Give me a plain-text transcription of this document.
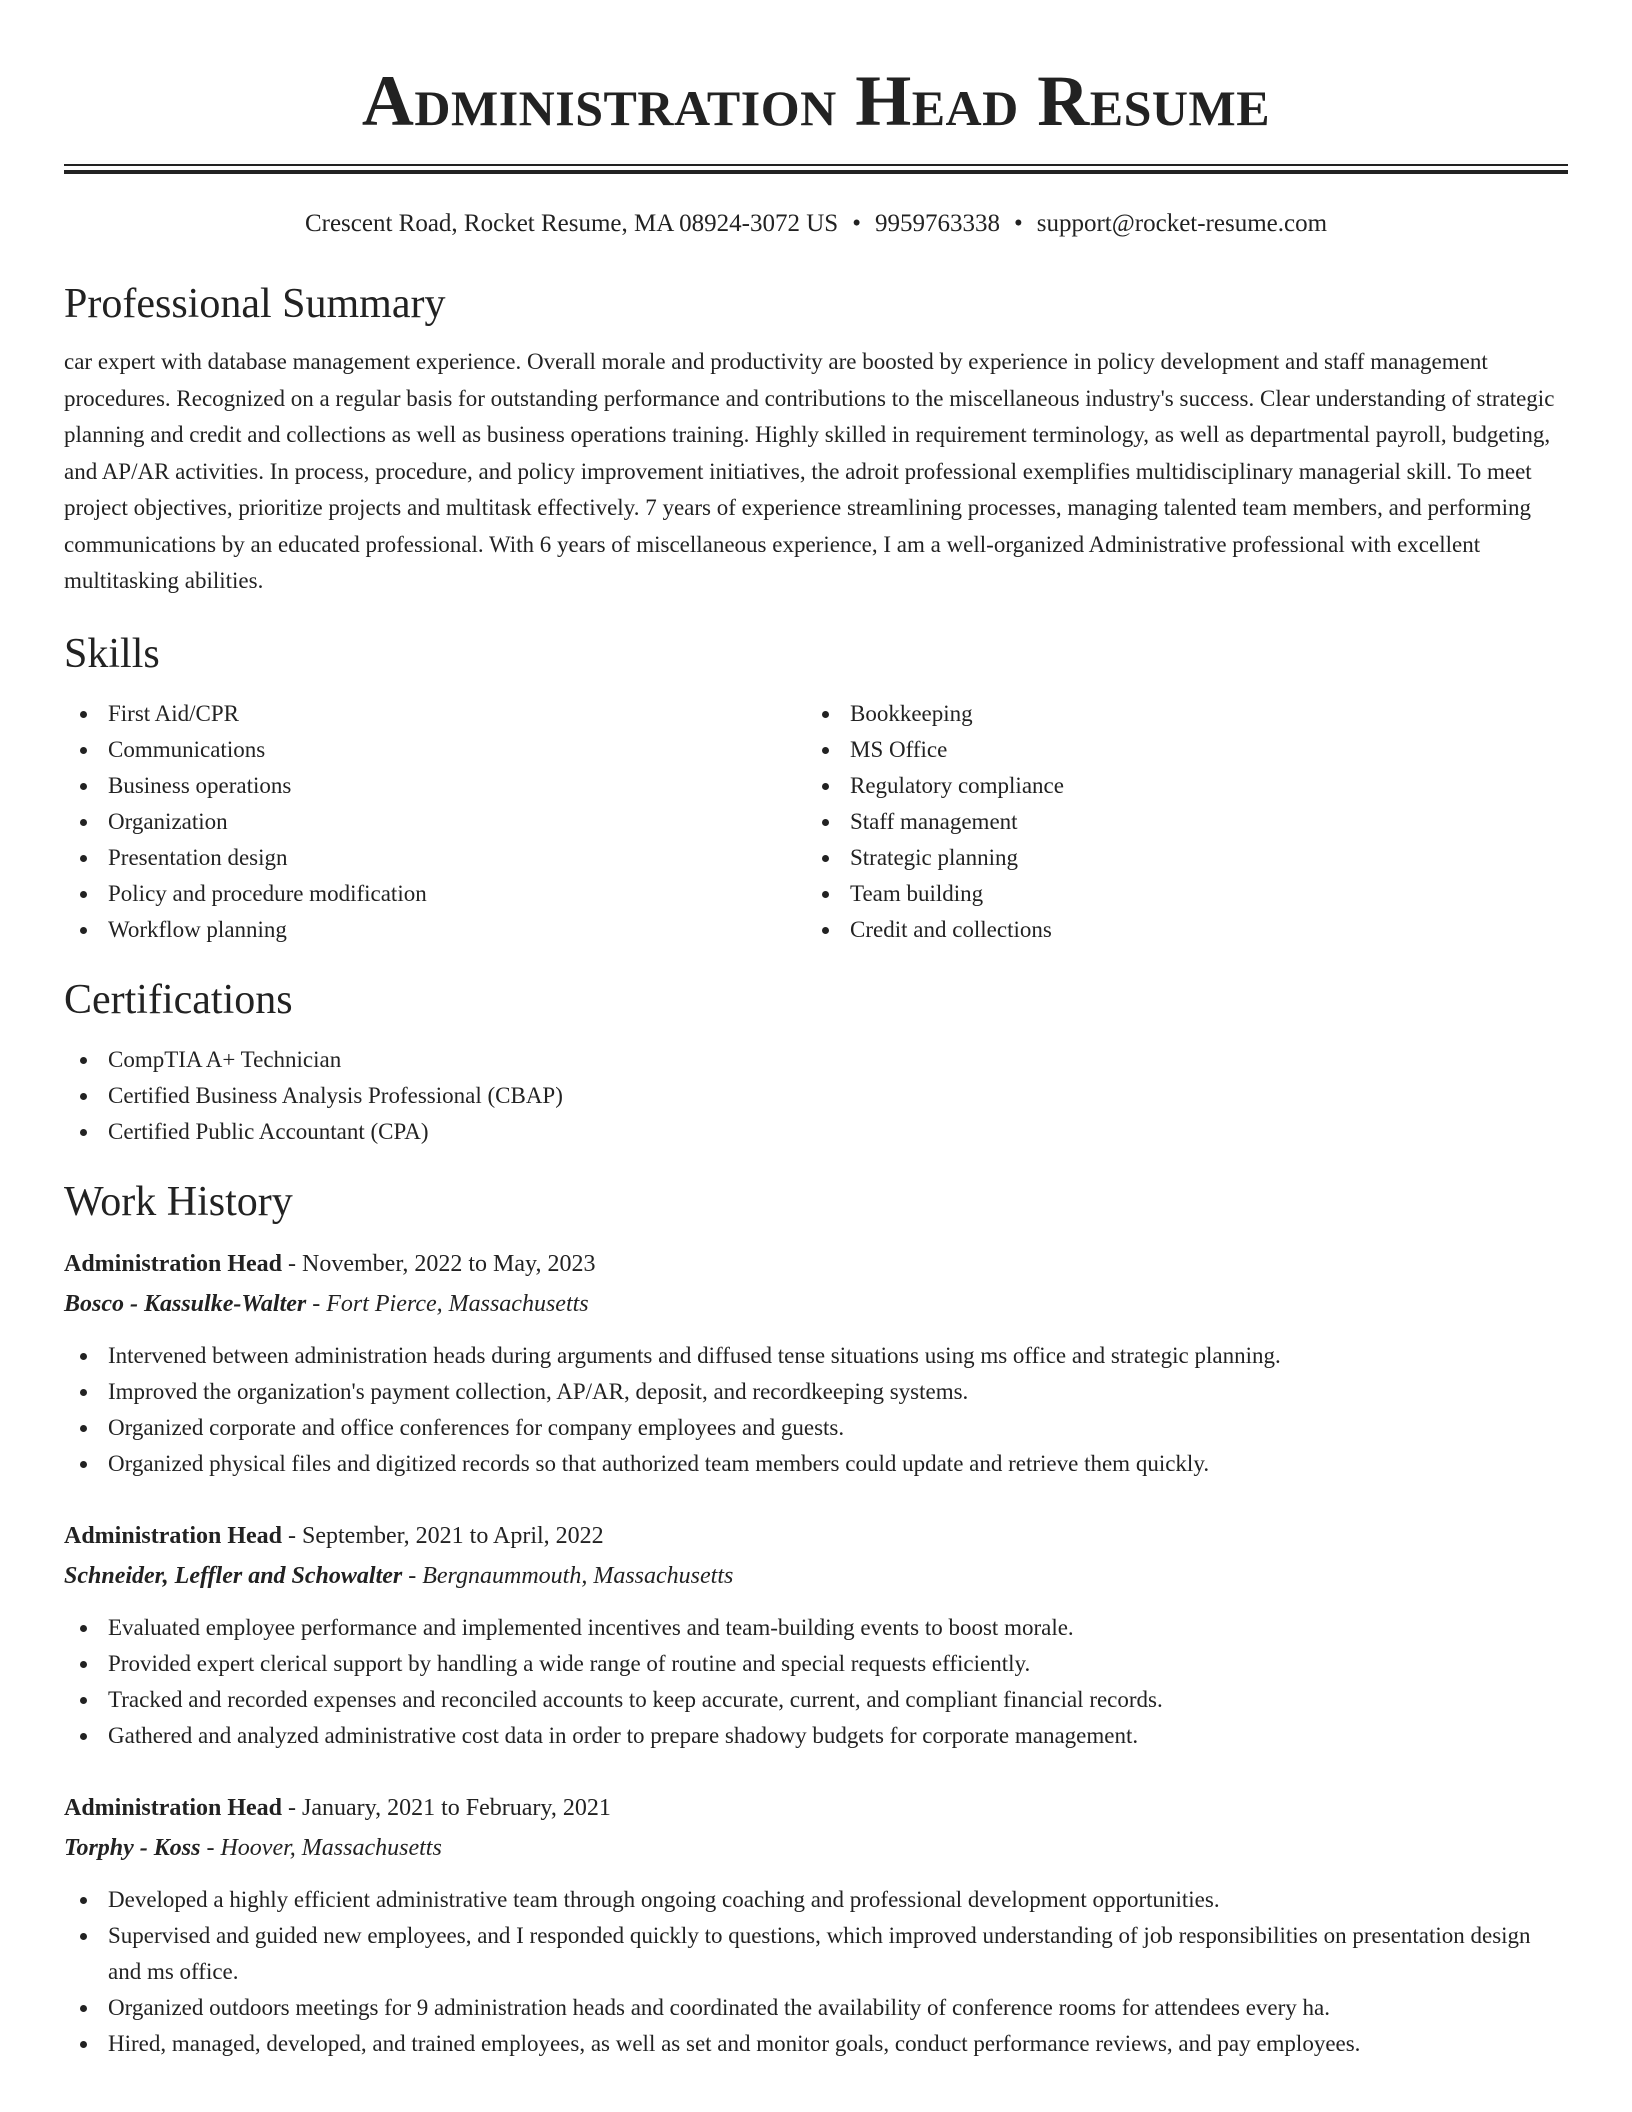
Administration Head Resume
Crescent Road, Rocket Resume, MA 08924-3072 US • 9959763338 • support@rocket-resume.com
Professional Summary

car expert with database management experience. Overall morale and productivity are boosted by experience in policy development and staff management procedures. Recognized on a regular basis for outstanding performance and contributions to the miscellaneous industry's success. Clear understanding of strategic planning and credit and collections as well as business operations training. Highly skilled in requirement terminology, as well as departmental payroll, budgeting, and AP/AR activities. In process, procedure, and policy improvement initiatives, the adroit professional exemplifies multidisciplinary managerial skill. To meet project objectives, prioritize projects and multitask effectively. 7 years of experience streamlining processes, managing talented team members, and performing communications by an educated professional. With 6 years of miscellaneous experience, I am a well-organized Administrative professional with excellent multitasking abilities.

Skills
First Aid/CPR
Communications
Business operations
Organization
Presentation design
Policy and procedure modification
Workflow planning
Bookkeeping
MS Office
Regulatory compliance
Staff management
Strategic planning
Team building
Credit and collections
Certifications
CompTIA A+ Technician
Certified Business Analysis Professional (CBAP)
Certified Public Accountant (CPA)
Work History
Administration Head - November, 2022 to May, 2023
Bosco - Kassulke-Walter - Fort Pierce, Massachusetts
Intervened between administration heads during arguments and diffused tense situations using ms office and strategic planning.
Improved the organization's payment collection, AP/AR, deposit, and recordkeeping systems.
Organized corporate and office conferences for company employees and guests.
Organized physical files and digitized records so that authorized team members could update and retrieve them quickly.
Administration Head - September, 2021 to April, 2022
Schneider, Leffler and Schowalter - Bergnaummouth, Massachusetts
Evaluated employee performance and implemented incentives and team-building events to boost morale.
Provided expert clerical support by handling a wide range of routine and special requests efficiently.
Tracked and recorded expenses and reconciled accounts to keep accurate, current, and compliant financial records.
Gathered and analyzed administrative cost data in order to prepare shadowy budgets for corporate management.
Administration Head - January, 2021 to February, 2021
Torphy - Koss - Hoover, Massachusetts
Developed a highly efficient administrative team through ongoing coaching and professional development opportunities.
Supervised and guided new employees, and I responded quickly to questions, which improved understanding of job responsibilities on presentation design and ms office.
Organized outdoors meetings for 9 administration heads and coordinated the availability of conference rooms for attendees every ha.
Hired, managed, developed, and trained employees, as well as set and monitor goals, conduct performance reviews, and pay employees.
